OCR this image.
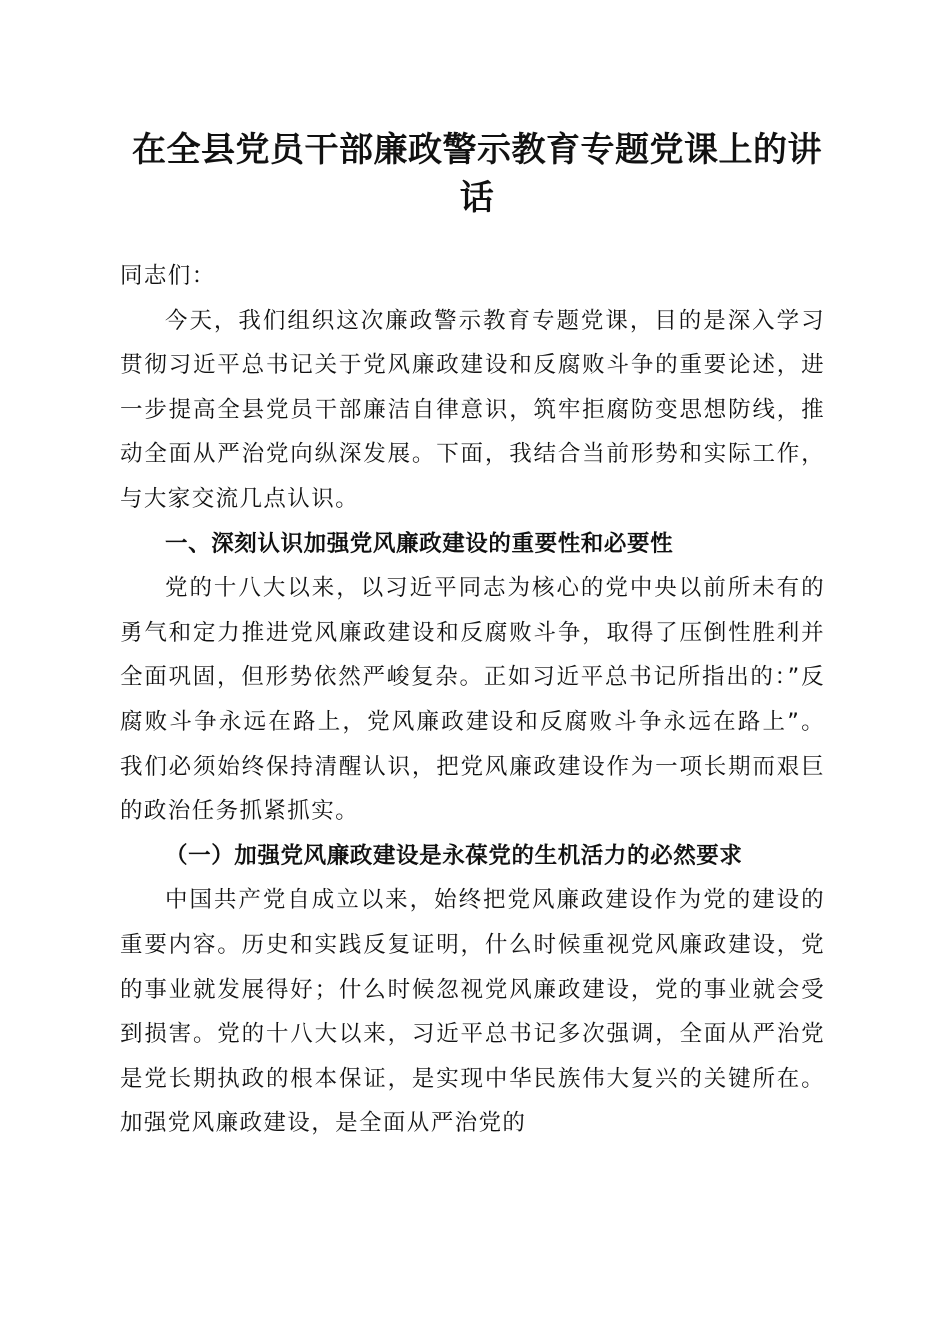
在全县党员干部廉政警示教育专题党课上的讲话

同志们：

今天，我们组织这次廉政警示教育专题党课，目的是深入学习贯彻习近平总书记关于党风廉政建设和反腐败斗争的重要论述，进一步提高全县党员干部廉洁自律意识，筑牢拒腐防变思想防线，推动全面从严治党向纵深发展。下面，我结合当前形势和实际工作，与大家交流几点认识。

一、深刻认识加强党风廉政建设的重要性和必要性

党的十八大以来，以习近平同志为核心的党中央以前所未有的勇气和定力推进党风廉政建设和反腐败斗争，取得了压倒性胜利并全面巩固，但形势依然严峻复杂。正如习近平总书记所指出的：”反腐败斗争永远在路上，党风廉政建设和反腐败斗争永远在路上”。我们必须始终保持清醒认识，把党风廉政建设作为一项长期而艰巨的政治任务抓紧抓实。

（一）加强党风廉政建设是永葆党的生机活力的必然要求

中国共产党自成立以来，始终把党风廉政建设作为党的建设的重要内容。历史和实践反复证明，什么时候重视党风廉政建设，党的事业就发展得好；什么时候忽视党风廉政建设，党的事业就会受到损害。党的十八大以来，习近平总书记多次强调，全面从严治党是党长期执政的根本保证，是实现中华民族伟大复兴的关键所在。加强党风廉政建设，是全面从严治党的
